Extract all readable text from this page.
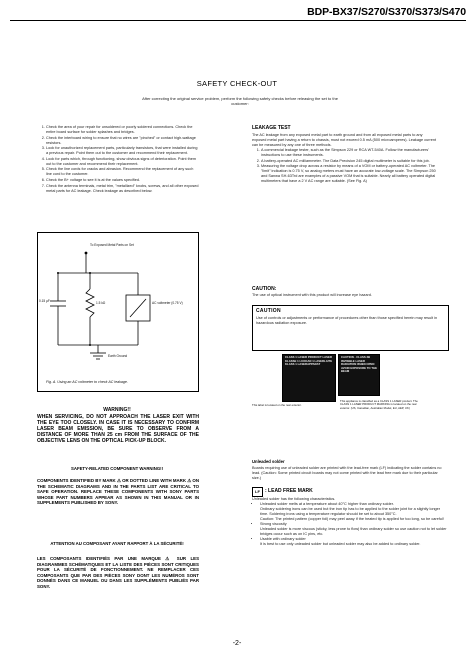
BDP-BX37/S270/S370/S373/S470
SAFETY CHECK-OUT
After correcting the original service problem, perform the following safety checks before releasing the set to the customer:
1. Check the area of your repair for unsoldered or poorly soldered connections. Check the entire board surface for solder splashes and bridges.
2. Check the interboard wiring to ensure that no wires are "pinched" or contact high-wattage resistors.
3. Look for unauthorized replacement parts, particularly transistors, that were installed during a previous repair. Point them out to the customer and recommend their replacement.
4. Look for parts which, through functioning, show obvious signs of deterioration. Point them out to the customer and recommend their replacement.
5. Check the line cords for cracks and abrasion. Recommend the replacement of any such line cord to the customer.
6. Check the B+ voltage to see it is at the values specified.
7. Check the antenna terminals, metal trim, "metallized" knobs, screws, and all other exposed metal parts for AC leakage. Check leakage as described below.
To Exposed Metal Parts on Set
0.15 μF	1.5 kΩ	AC voltmeter (0.75 V)
Earth Ground
Fig. A. Using an AC voltmeter to check AC leakage.
WARNING!!
WHEN SERVICING, DO NOT APPROACH THE LASER EXIT WITH THE EYE TOO CLOSELY. IN CASE IT IS NECESSARY TO CONFIRM LASER BEAM EMISSION, BE SURE TO OBSERVE FROM A DISTANCE OF MORE THAN 25 cm FROM THE SURFACE OF THE OBJECTIVE LENS ON THE OPTICAL PICK-UP BLOCK.
SAFETY-RELATED COMPONENT WARNING!!
COMPONENTS IDENTIFIED BY MARK ⚠ OR DOTTED LINE WITH MARK ⚠ ON THE SCHEMATIC DIAGRAMS AND IN THE PARTS LIST ARE CRITICAL TO SAFE OPERATION. REPLACE THESE COMPONENTS WITH SONY PARTS WHOSE PART NUMBERS APPEAR AS SHOWN IN THIS MANUAL OR IN SUPPLEMENTS PUBLISHED BY SONY.
ATTENTION AU COMPOSANT AYANT RAPPORT À LA SÉCURITÉ!
LES COMPOSANTS IDENTIFIÉS PAR UNE MARQUE ⚠ SUR LES DIAGRAMMES SCHÉMATIQUES ET LA LISTE DES PIÈCES SONT CRITIQUES POUR LA SÉCURITÉ DE FONCTIONNEMENT. NE REMPLACER CES COMPOSANTS QUE PAR DES PIÈCES SONY DONT LES NUMÉROS SONT DONNÉS DANS CE MANUEL OU DANS LES SUPPLÉMENTS PUBLIÉS PAR SONY.
LEAKAGE TEST
The AC leakage from any exposed metal part to earth ground and from all exposed metal parts to any exposed metal part having a return to chassis, must not exceed 0.5 mA (500 microamperes). Leakage current can be measured by any one of three methods.
1. A commercial leakage tester, such as the Simpson 229 or RCA WT-540A. Follow the manufacturers' instructions to use these instruments.
2. A battery-operated AC milliammeter. The Data Precision 245 digital multimeter is suitable for this job.
3. Measuring the voltage drop across a resistor by means of a VOM or battery-operated AC voltmeter. The "limit" indication is 0.75 V, so analog meters must have an accurate low-voltage scale. The Simpson 250 and Sanwa SH-63Trd are examples of a passive VOM that is suitable. Nearly all battery operated digital multimeters that have a 2 V AC range are suitable. (See Fig. A)
CAUTION:
The use of optical instrument with this product will increase eye hazard.
CAUTION
Use of controls or adjustments or performance of procedures other than those specified herein may result in hazardous radiation exposure.
CLASS 1 LASER PRODUCT LASER KLASSE 1 LUOKAN 1 LASERLAITE KLASS 1 LASERAPPARAT
CAUTION - CLASS 3B INVISIBLE LASER RADIATION WHEN OPEN AVOID EXPOSURE TO THE BEAM
This label is located on the rear exterior.
This appliance is classified as a CLASS 1 LASER product. The CLASS 1 LASER PRODUCT MARKING is located on the rear exterior. (US, Canadian, Australian Model, EU, AEP, UK)
Unleaded solder
Boards requiring use of unleaded solder are printed with the lead-free mark (LF) indicating the solder contains no lead. (Caution: Some printed circuit boards may not come printed with the lead free mark due to their particular size.)
LF	: LEAD FREE MARK
Unleaded solder has the following characteristics.
• Unleaded solder melts at a temperature about 40°C higher than ordinary solder.

Ordinary soldering irons can be used but the iron tip has to be applied to the solder joint for a slightly longer time. Soldering irons using a temperature regulator should be set to about 350°C.

Caution: The printed pattern (copper foil) may peel away if the heated tip is applied for too long, so be careful!

• Strong viscosity

Unleaded solder is more viscous (sticky, less prone to flow) than ordinary solder so use caution not to let solder bridges occur such as on IC pins, etc.

• Usable with ordinary solder

It is best to use only unleaded solder but unleaded solder may also be added to ordinary solder.

-2-
